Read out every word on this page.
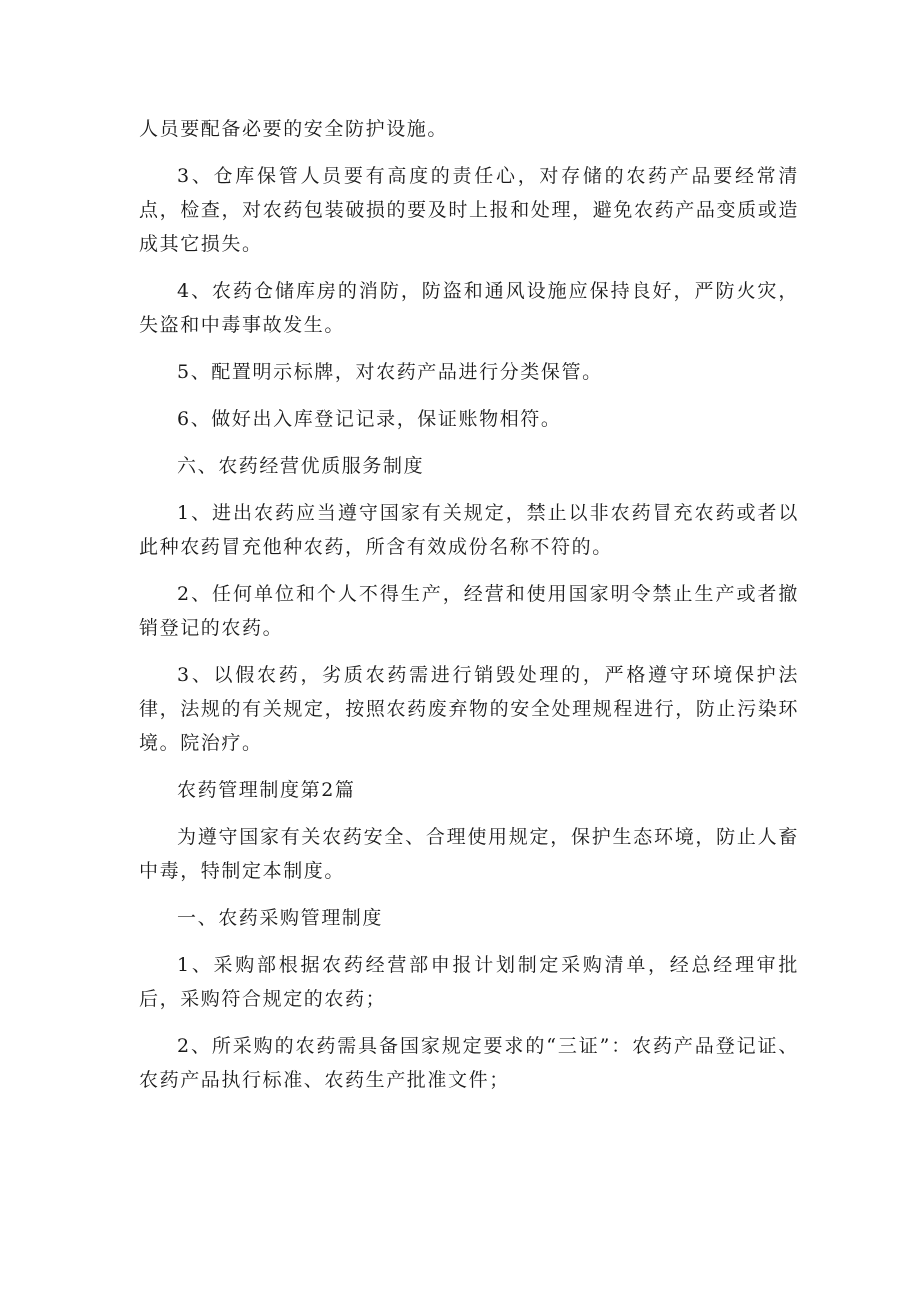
人员要配备必要的安全防护设施。

3、仓库保管人员要有高度的责任心，对存储的农药产品要经常清点，检查，对农药包装破损的要及时上报和处理，避免农药产品变质或造成其它损失。

4、农药仓储库房的消防，防盗和通风设施应保持良好，严防火灾，失盗和中毒事故发生。

5、配置明示标牌，对农药产品进行分类保管。

6、做好出入库登记记录，保证账物相符。

六、农药经营优质服务制度

1、进出农药应当遵守国家有关规定，禁止以非农药冒充农药或者以此种农药冒充他种农药，所含有效成份名称不符的。

2、任何单位和个人不得生产，经营和使用国家明令禁止生产或者撤销登记的农药。

3、以假农药，劣质农药需进行销毁处理的，严格遵守环境保护法律，法规的有关规定，按照农药废弃物的安全处理规程进行，防止污染环境。院治疗。

农药管理制度第2篇

为遵守国家有关农药安全、合理使用规定，保护生态环境，防止人畜中毒，特制定本制度。

一、农药采购管理制度

1、采购部根据农药经营部申报计划制定采购清单，经总经理审批后，采购符合规定的农药；

2、所采购的农药需具备国家规定要求的“三证”：农药产品登记证、农药产品执行标准、农药生产批准文件；
